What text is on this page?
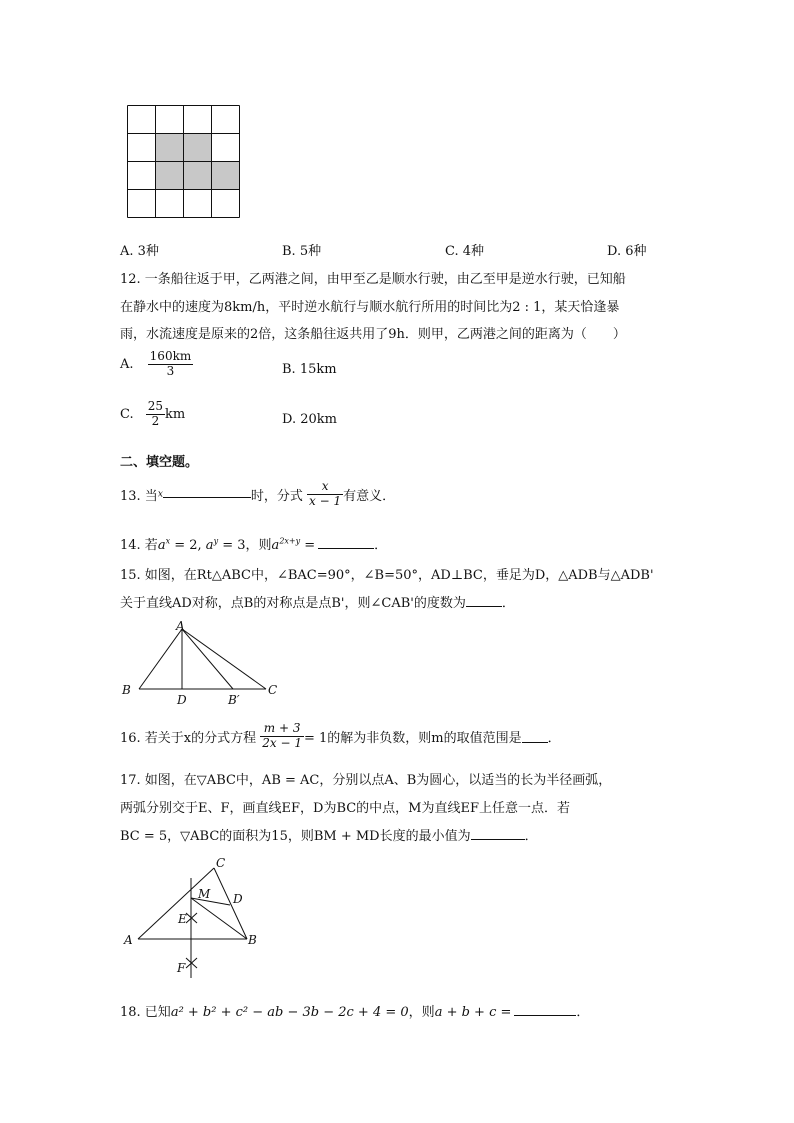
A. 3种	B. 5种	C. 4种	D. 6种
12. 一条船往返于甲，乙两港之间，由甲至乙是顺水行驶，由乙至甲是逆水行驶，已知船
在静水中的速度为8km/h，平时逆水航行与顺水航行所用的时间比为2 : 1，某天恰逢暴
雨，水流速度是原来的2倍，这条船往返共用了9h．则甲，乙两港之间的距离为（　　）
A. $\frac{160km}{3}$	B. 15km
C. $\frac{25}{2}$ km	D. 20km
二、填空题。
13. 当x	时，分式 $\frac{x}{x - 1}$ 有意义．
14. 若$a^x = 2$, $a^y = 3$，则$a^{2x+y}$ =	．
15. 如图，在Rt△ABC中，∠BAC=90°，∠B=50°，AD⊥BC，垂足为D，△ADB与△ADB'
关于直线AD对称，点B的对称点是点B'，则∠CAB'的度数为	．
A
B
D	B′
C
16. 若关于x的分式方程 $\frac{m + 3}{2x - 1} = 1$的解为非负数，则m的取值范围是 ．
17. 如图，在▽ABC中，AB = AC，分别以点A、B为圆心，以适当的长为半径画弧，
两弧分别交于E、F，画直线EF，D为BC的中点，M为直线EF上任意一点．若
BC = 5，▽ABC的面积为15，则BM + MD长度的最小值为	．
C
M D
E
A	B
F
18. 已知a² + b² + c² − ab − 3b − 2c + 4 = 0，则a + b + c =	．
